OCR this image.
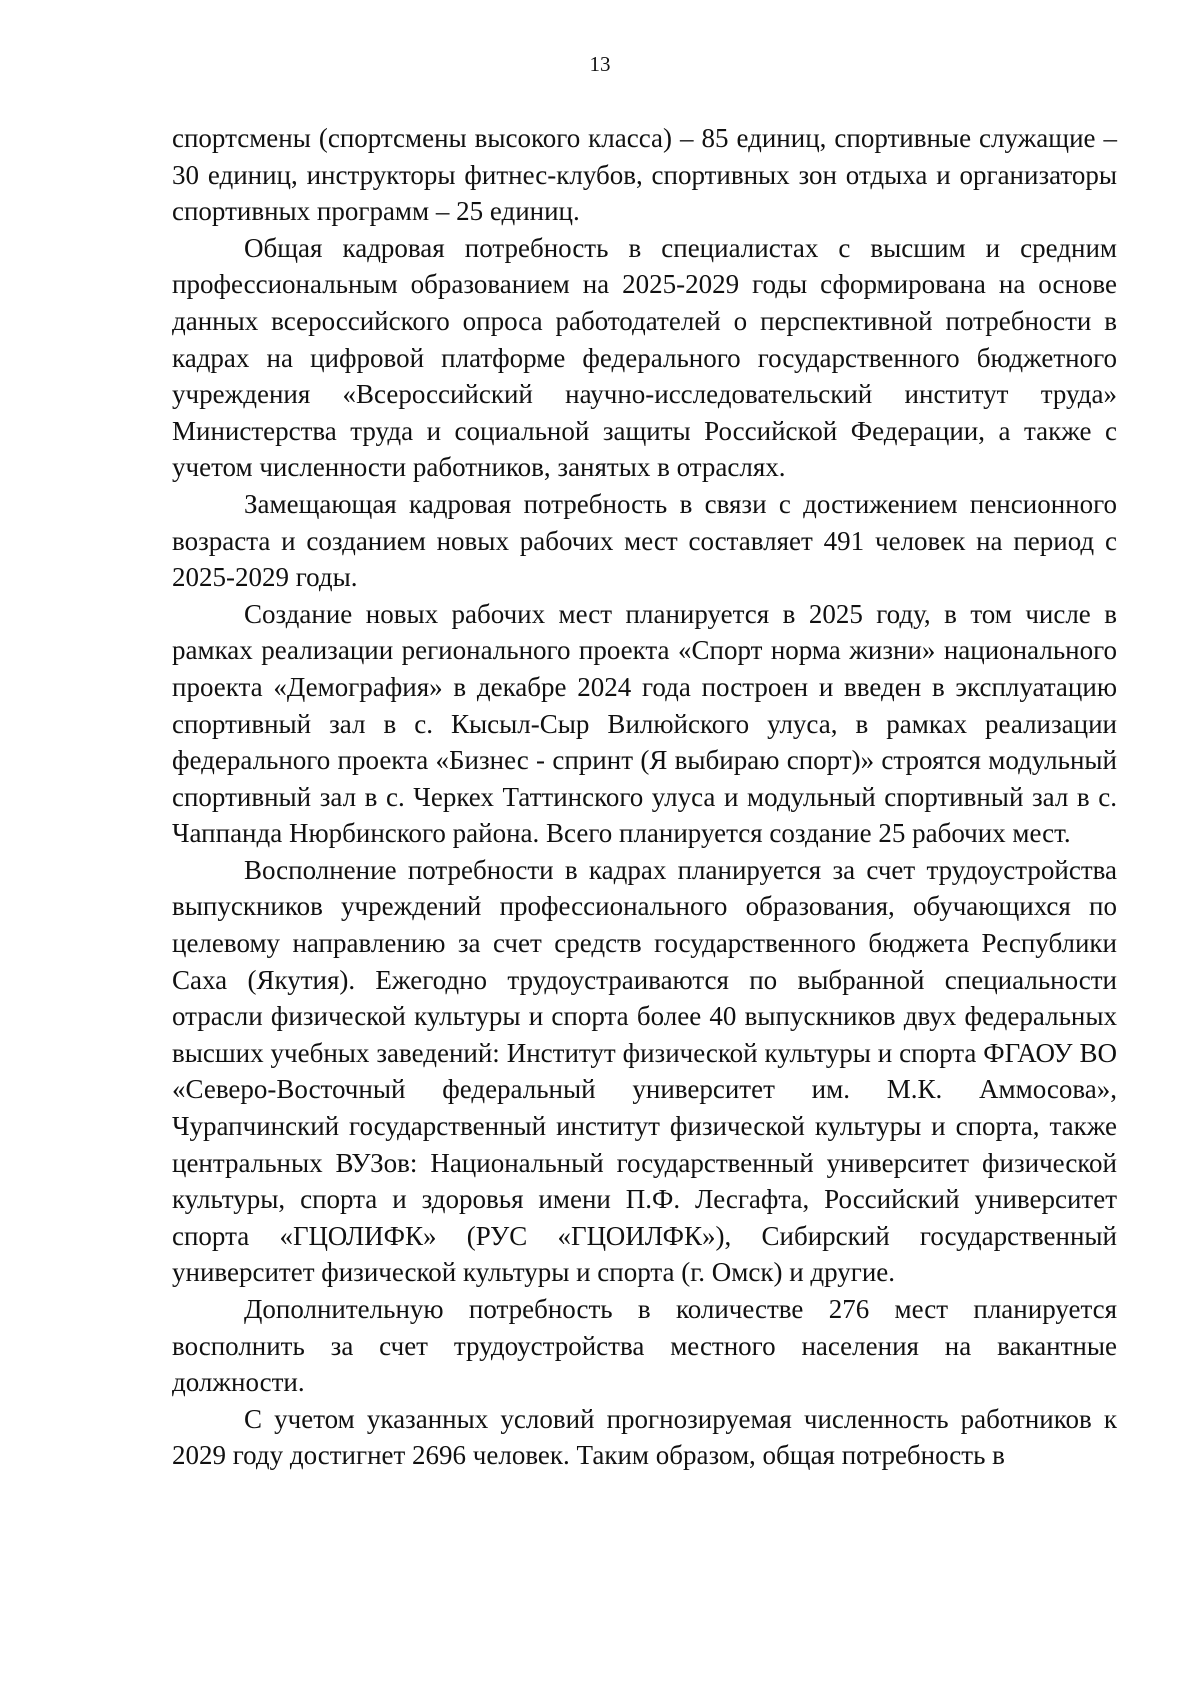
13

спортсмены (спортсмены высокого класса) – 85 единиц, спортивные служащие – 30 единиц, инструкторы фитнес-клубов, спортивных зон отдыха и организаторы спортивных программ – 25 единиц.

Общая кадровая потребность в специалистах с высшим и средним профессиональным образованием на 2025-2029 годы сформирована на основе данных всероссийского опроса работодателей о перспективной потребности в кадрах на цифровой платформе федерального государственного бюджетного учреждения «Всероссийский научно-исследовательский институт труда» Министерства труда и социальной защиты Российской Федерации, а также с учетом численности работников, занятых в отраслях.

Замещающая кадровая потребность в связи с достижением пенсионного возраста и созданием новых рабочих мест составляет 491 человек на период с 2025-2029 годы.

Создание новых рабочих мест планируется в 2025 году, в том числе в рамках реализации регионального проекта «Спорт норма жизни» национального проекта «Демография» в декабре 2024 года построен и введен в эксплуатацию спортивный зал в с. Кысыл-Сыр Вилюйского улуса, в рамках реализации федерального проекта «Бизнес - спринт (Я выбираю спорт)» строятся модульный спортивный зал в с. Черкех Таттинского улуса и модульный спортивный зал в с. Чаппанда Нюрбинского района. Всего планируется создание 25 рабочих мест.

Восполнение потребности в кадрах планируется за счет трудоустройства выпускников учреждений профессионального образования, обучающихся по целевому направлению за счет средств государственного бюджета Республики Саха (Якутия). Ежегодно трудоустраиваются по выбранной специальности отрасли физической культуры и спорта более 40 выпускников двух федеральных высших учебных заведений: Институт физической культуры и спорта ФГАОУ ВО «Северо-Восточный федеральный университет им. М.К. Аммосова», Чурапчинский государственный институт физической культуры и спорта, также центральных ВУЗов: Национальный государственный университет физической культуры, спорта и здоровья имени П.Ф. Лесгафта, Российский университет спорта «ГЦОЛИФК» (РУС «ГЦОИЛФК»), Сибирский государственный университет физической культуры и спорта (г. Омск) и другие.

Дополнительную потребность в количестве 276 мест планируется восполнить за счет трудоустройства местного населения на вакантные должности.

С учетом указанных условий прогнозируемая численность работников к 2029 году достигнет 2696 человек. Таким образом, общая потребность в
